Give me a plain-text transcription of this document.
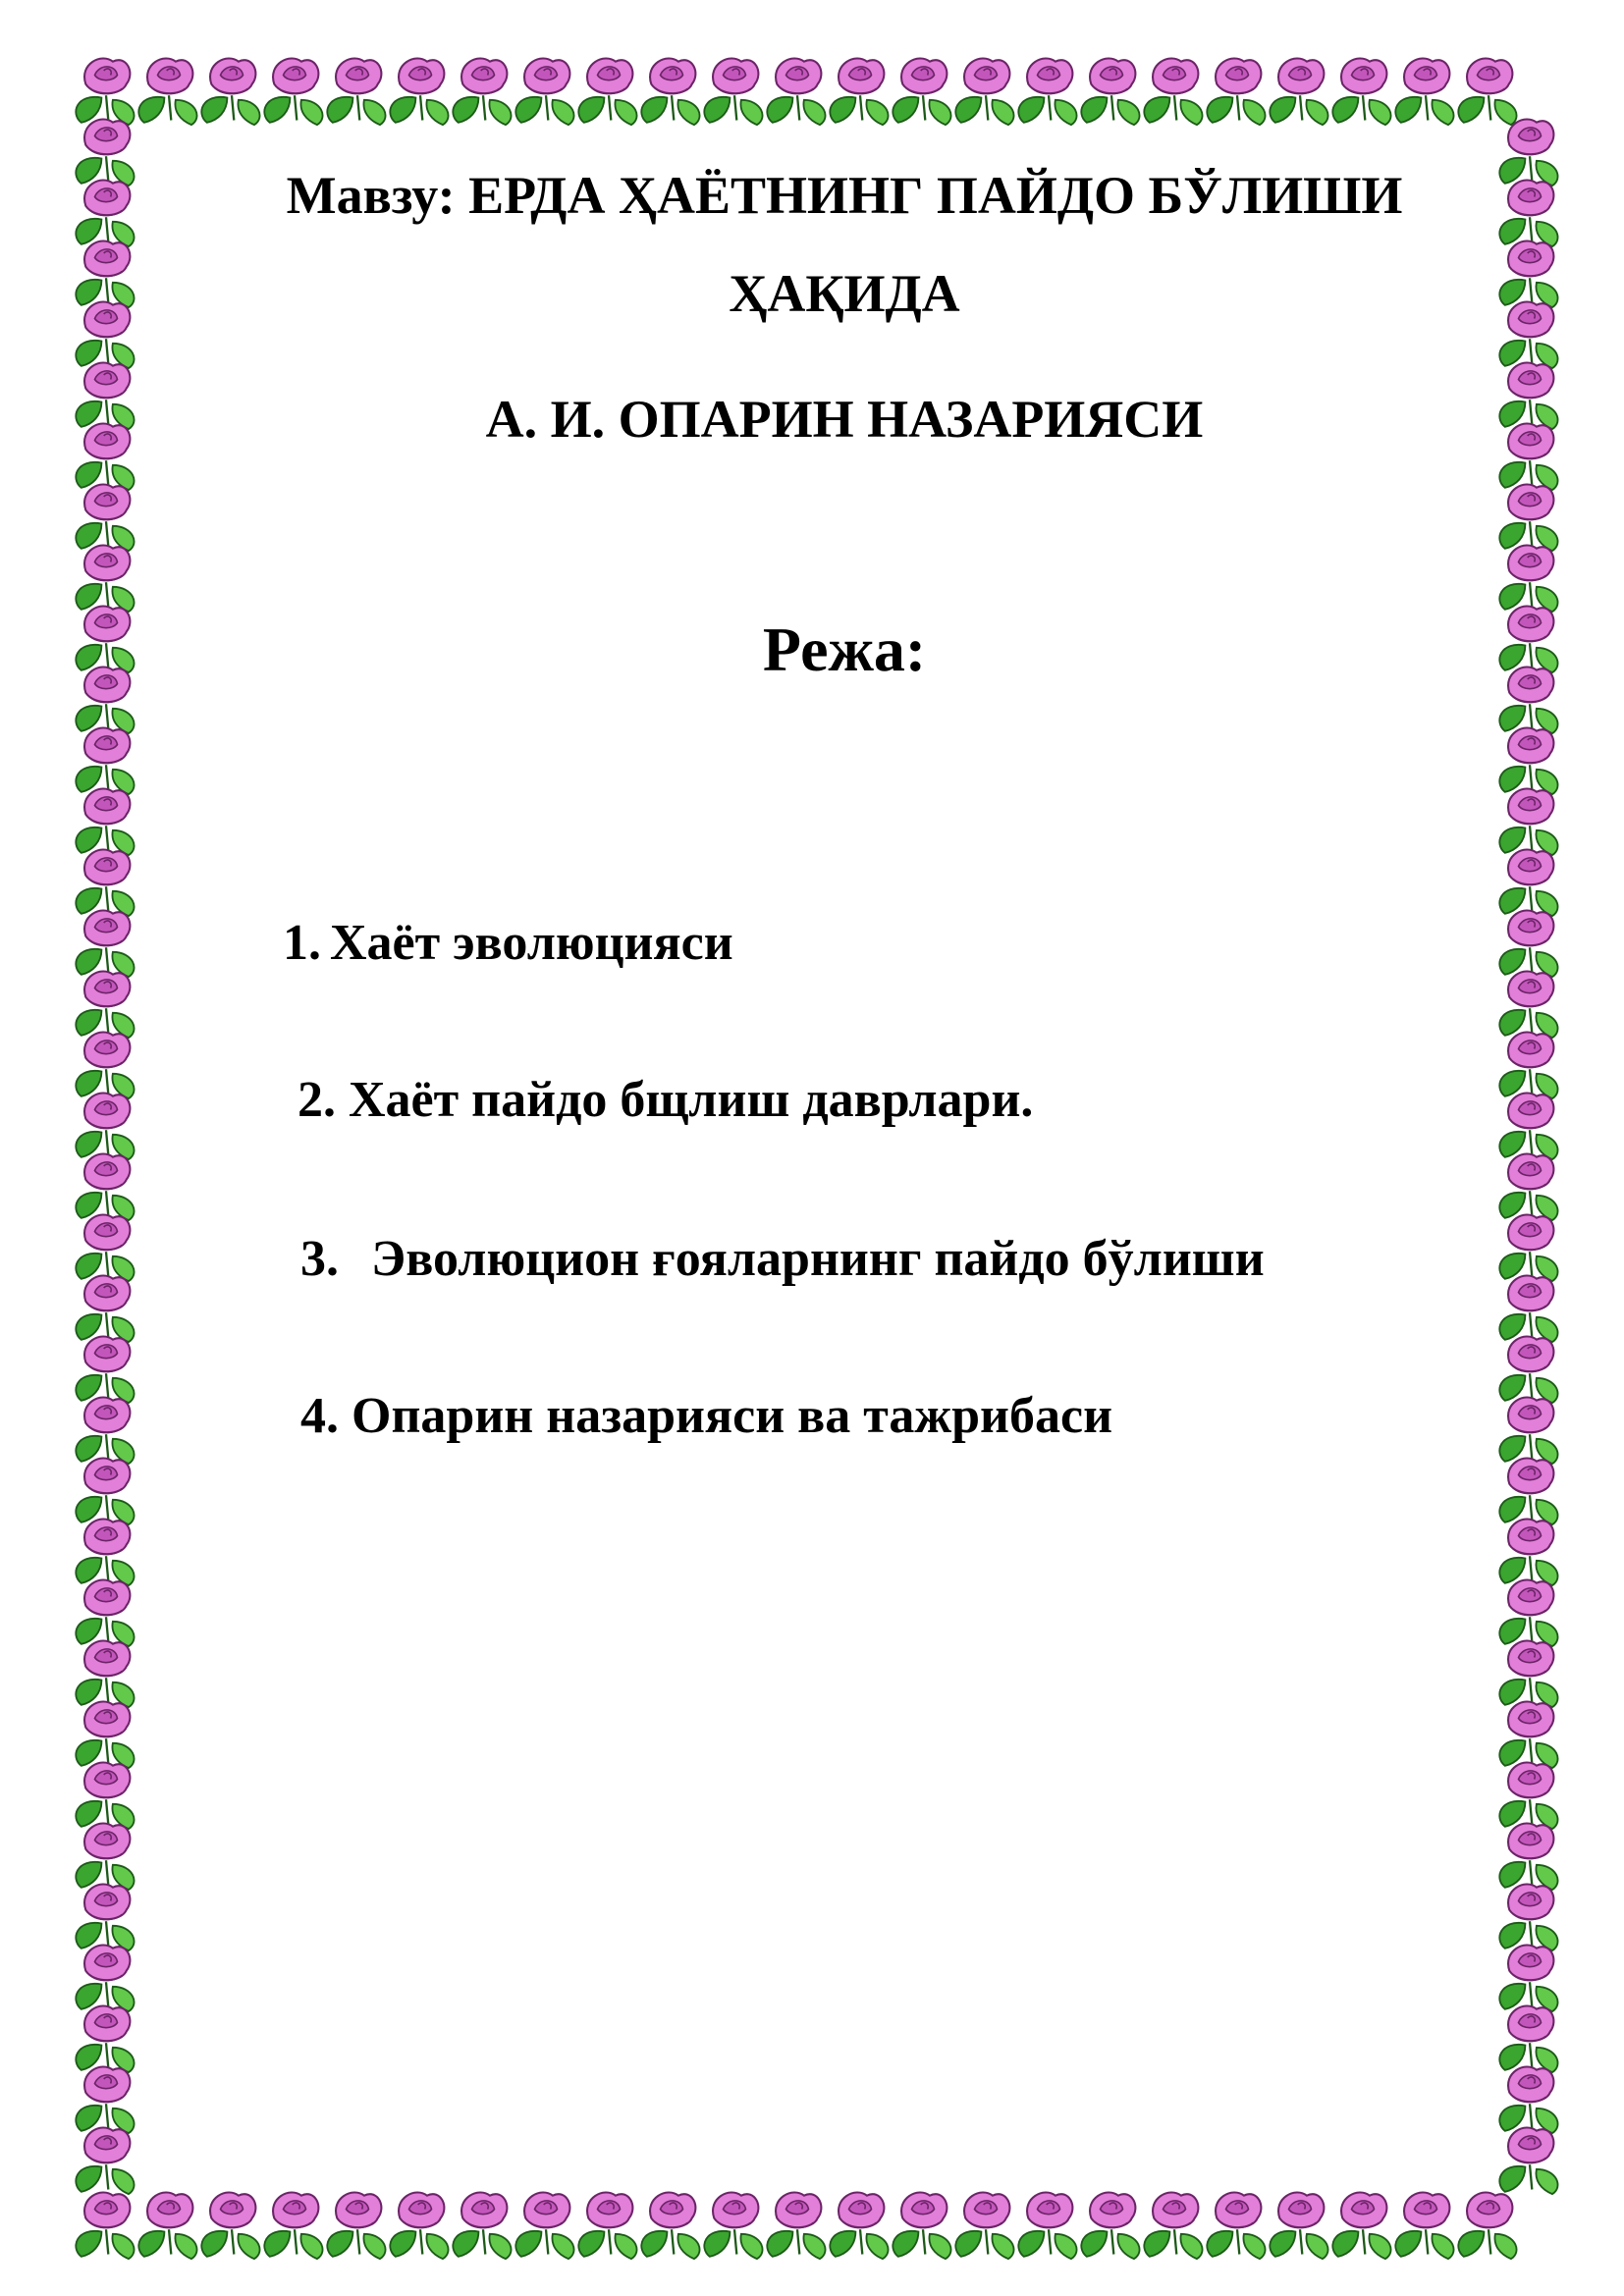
Мавзу: ЕРДА ҲАЁТНИНГ ПАЙДО БЎЛИШИ
ҲАҚИДА
А. И. ОПАРИН НАЗАРИЯСИ
Режа:
1. Хаёт эволюцияси
2. Хаёт пайдо бщлиш даврлари.
3. Эволюцион ғояларнинг пайдо бўлиши
4. Опарин назарияси ва тажрибаси
